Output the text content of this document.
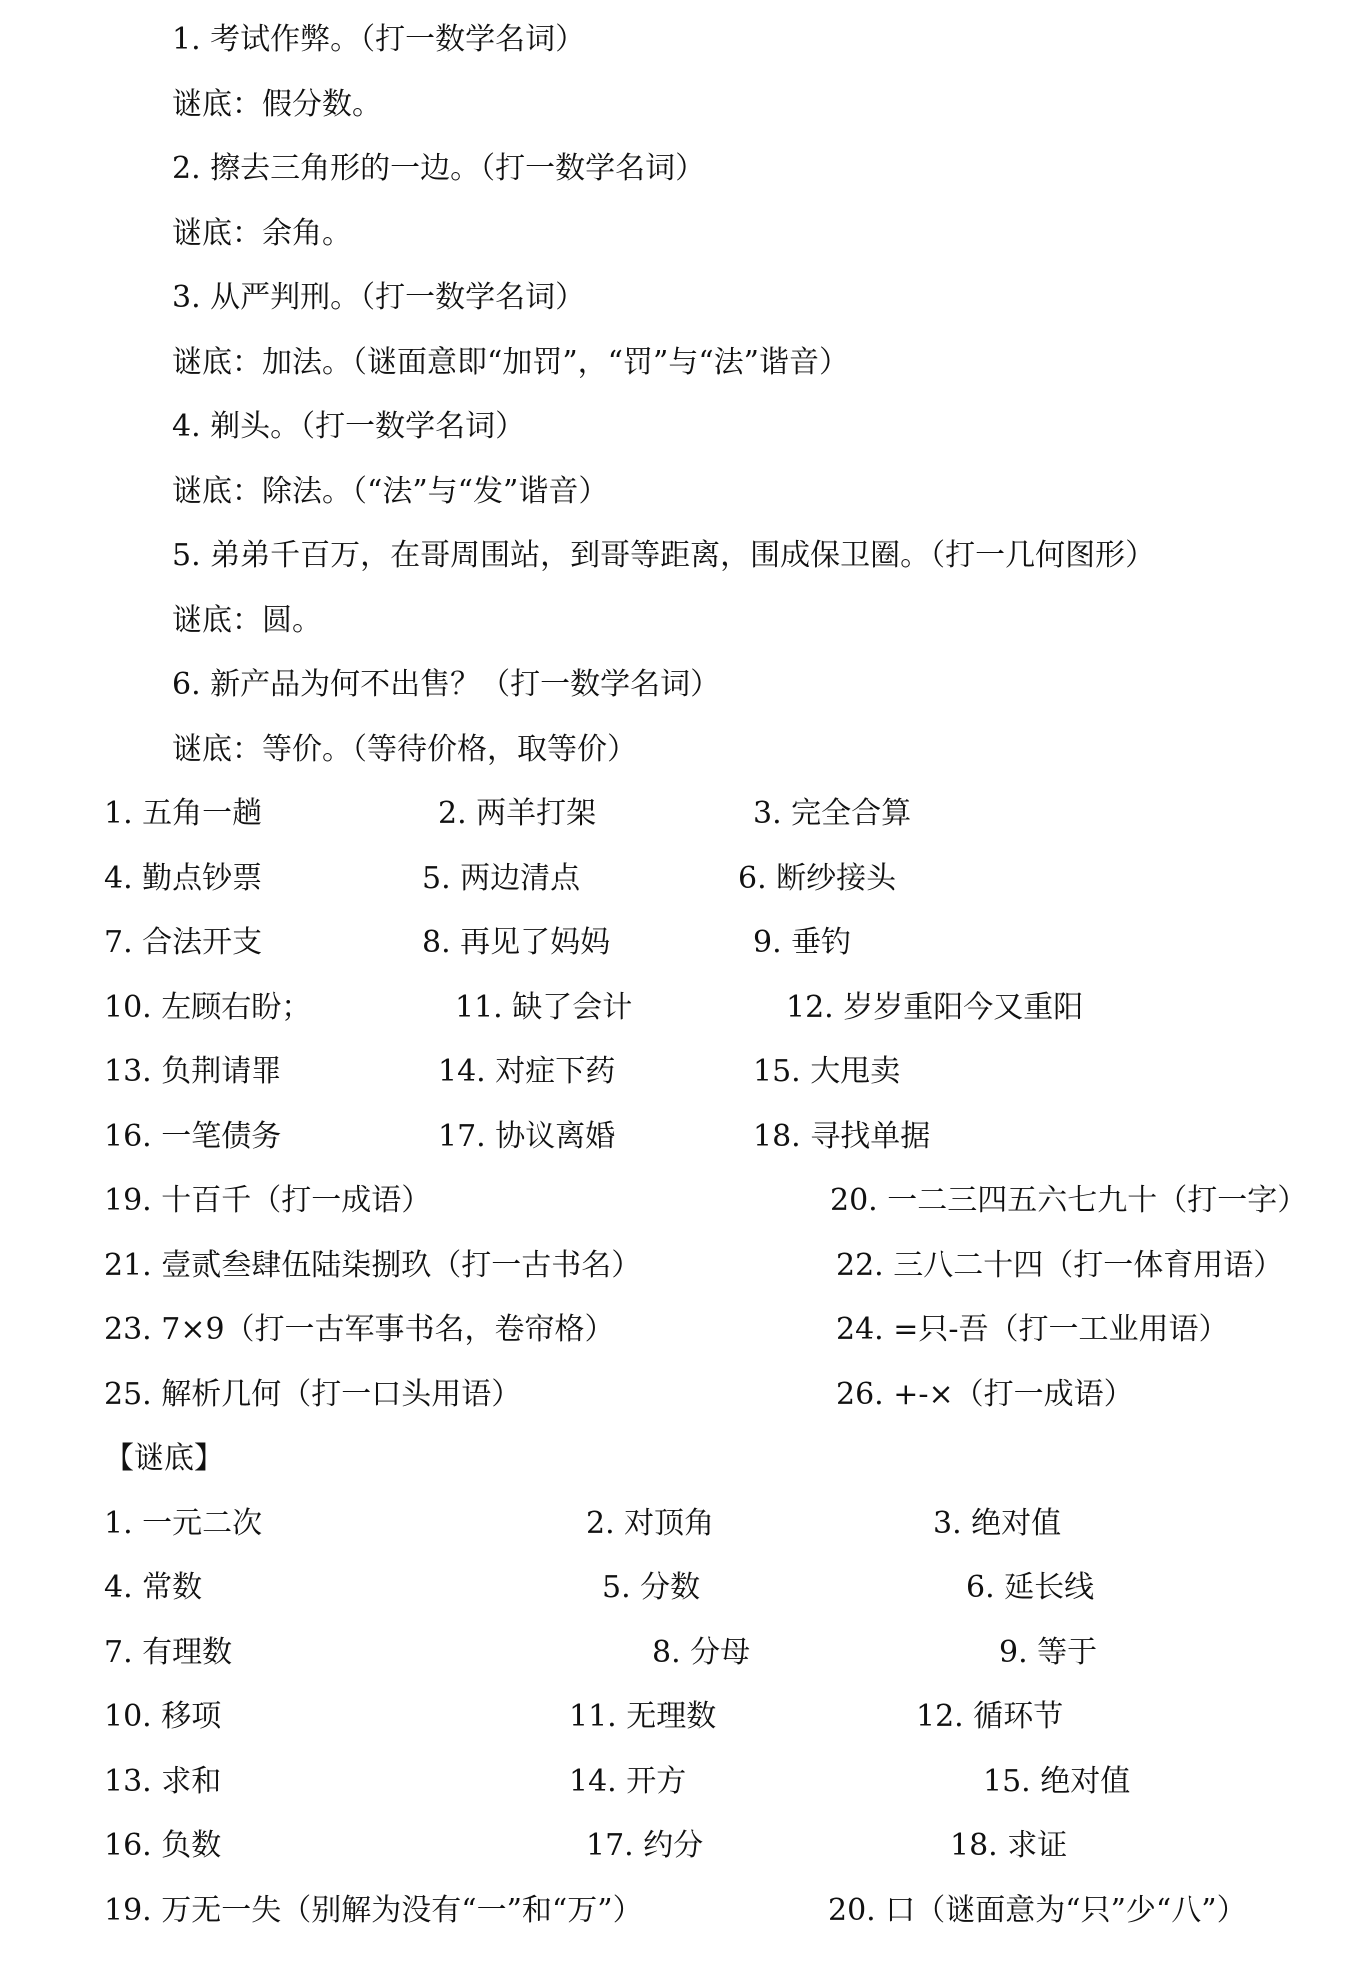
1. 考试作弊。（打一数学名词）
谜底：假分数。
2. 擦去三角形的一边。（打一数学名词）
谜底：余角。
3. 从严判刑。（打一数学名词）
谜底：加法。（谜面意即“加罚”，“罚”与“法”谐音）
4. 剃头。（打一数学名词）
谜底：除法。（“法”与“发”谐音）
5. 弟弟千百万，在哥周围站，到哥等距离，围成保卫圈。（打一几何图形）
谜底：圆。
6. 新产品为何不出售？（打一数学名词）
谜底：等价。（等待价格，取等价）
1. 五角一趟	2. 两羊打架	3. 完全合算
4. 勤点钞票	5. 两边清点	6. 断纱接头
7. 合法开支	8. 再见了妈妈	9. 垂钓
10. 左顾右盼；	11. 缺了会计	12. 岁岁重阳今又重阳
13. 负荆请罪	14. 对症下药	15. 大甩卖
16. 一笔债务	17. 协议离婚	18. 寻找单据
19. 十百千（打一成语）	20. 一二三四五六七九十（打一字）
21. 壹贰叁肆伍陆柒捌玖（打一古书名）	22. 三八二十四（打一体育用语）
23. 7×9（打一古军事书名，卷帘格）	24. =只-吾（打一工业用语）
25. 解析几何（打一口头用语）	26. +-×（打一成语）
【谜底】
1. 一元二次	2. 对顶角	3. 绝对值
4. 常数	5. 分数	6. 延长线
7. 有理数	8. 分母	9. 等于
10. 移项	11. 无理数	12. 循环节
13. 求和	14. 开方	15. 绝对值
16. 负数	17. 约分	18. 求证
19. 万无一失（别解为没有“一”和“万”）	20. 口（谜面意为“只”少“八”）
